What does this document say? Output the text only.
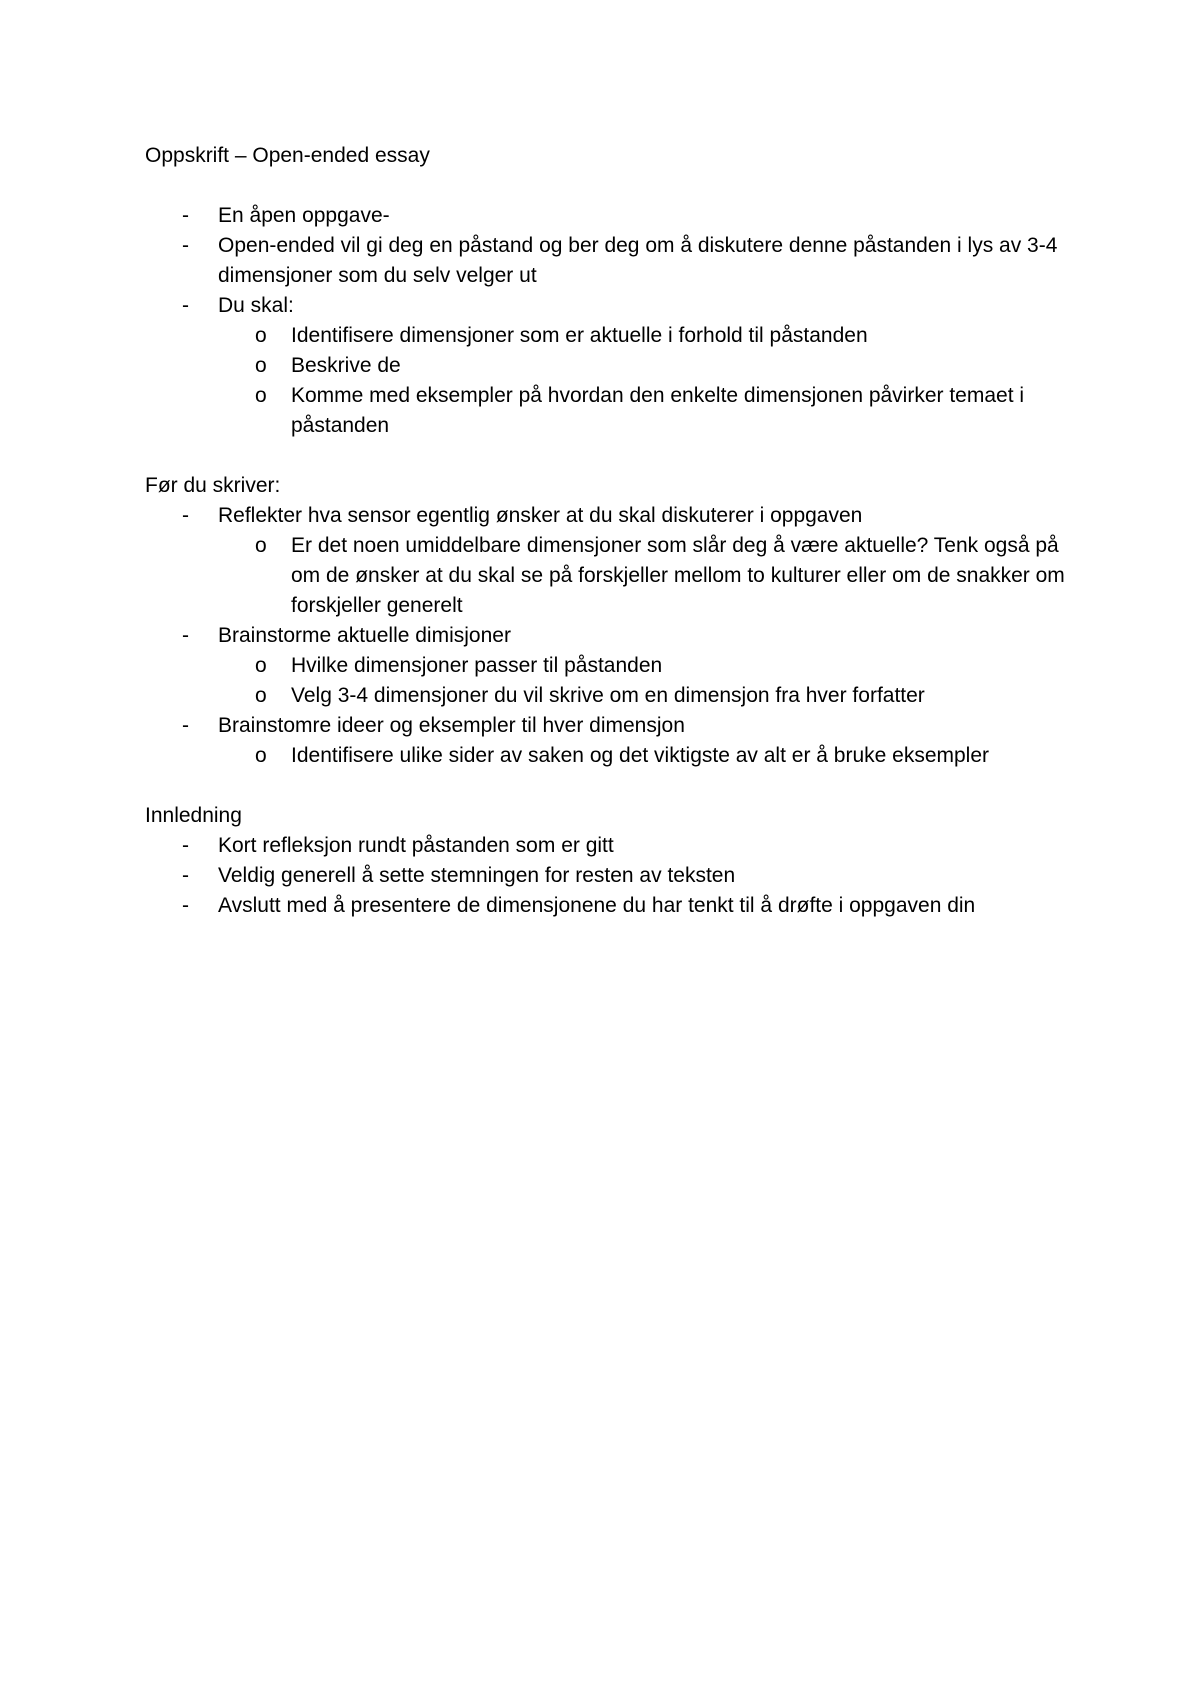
Oppskrift – Open-ended essay

- En åpen oppgave-
- Open-ended vil gi deg en påstand og ber deg om å diskutere denne påstanden i lys av 3-4 dimensjoner som du selv velger ut
- Du skal:
o Identifisere dimensjoner som er aktuelle i forhold til påstanden
o Beskrive de
o Komme med eksempler på hvordan den enkelte dimensjonen påvirker temaet i påstanden

Før du skriver:

- Reflekter hva sensor egentlig ønsker at du skal diskuterer i oppgaven
o Er det noen umiddelbare dimensjoner som slår deg å være aktuelle? Tenk også på om de ønsker at du skal se på forskjeller mellom to kulturer eller om de snakker om forskjeller generelt
- Brainstorme aktuelle dimisjoner
o Hvilke dimensjoner passer til påstanden
o Velg 3-4 dimensjoner du vil skrive om en dimensjon fra hver forfatter
- Brainstomre ideer og eksempler til hver dimensjon
o Identifisere ulike sider av saken og det viktigste av alt er å bruke eksempler

Innledning

- Kort refleksjon rundt påstanden som er gitt
- Veldig generell å sette stemningen for resten av teksten
- Avslutt med å presentere de dimensjonene du har tenkt til å drøfte i oppgaven din
